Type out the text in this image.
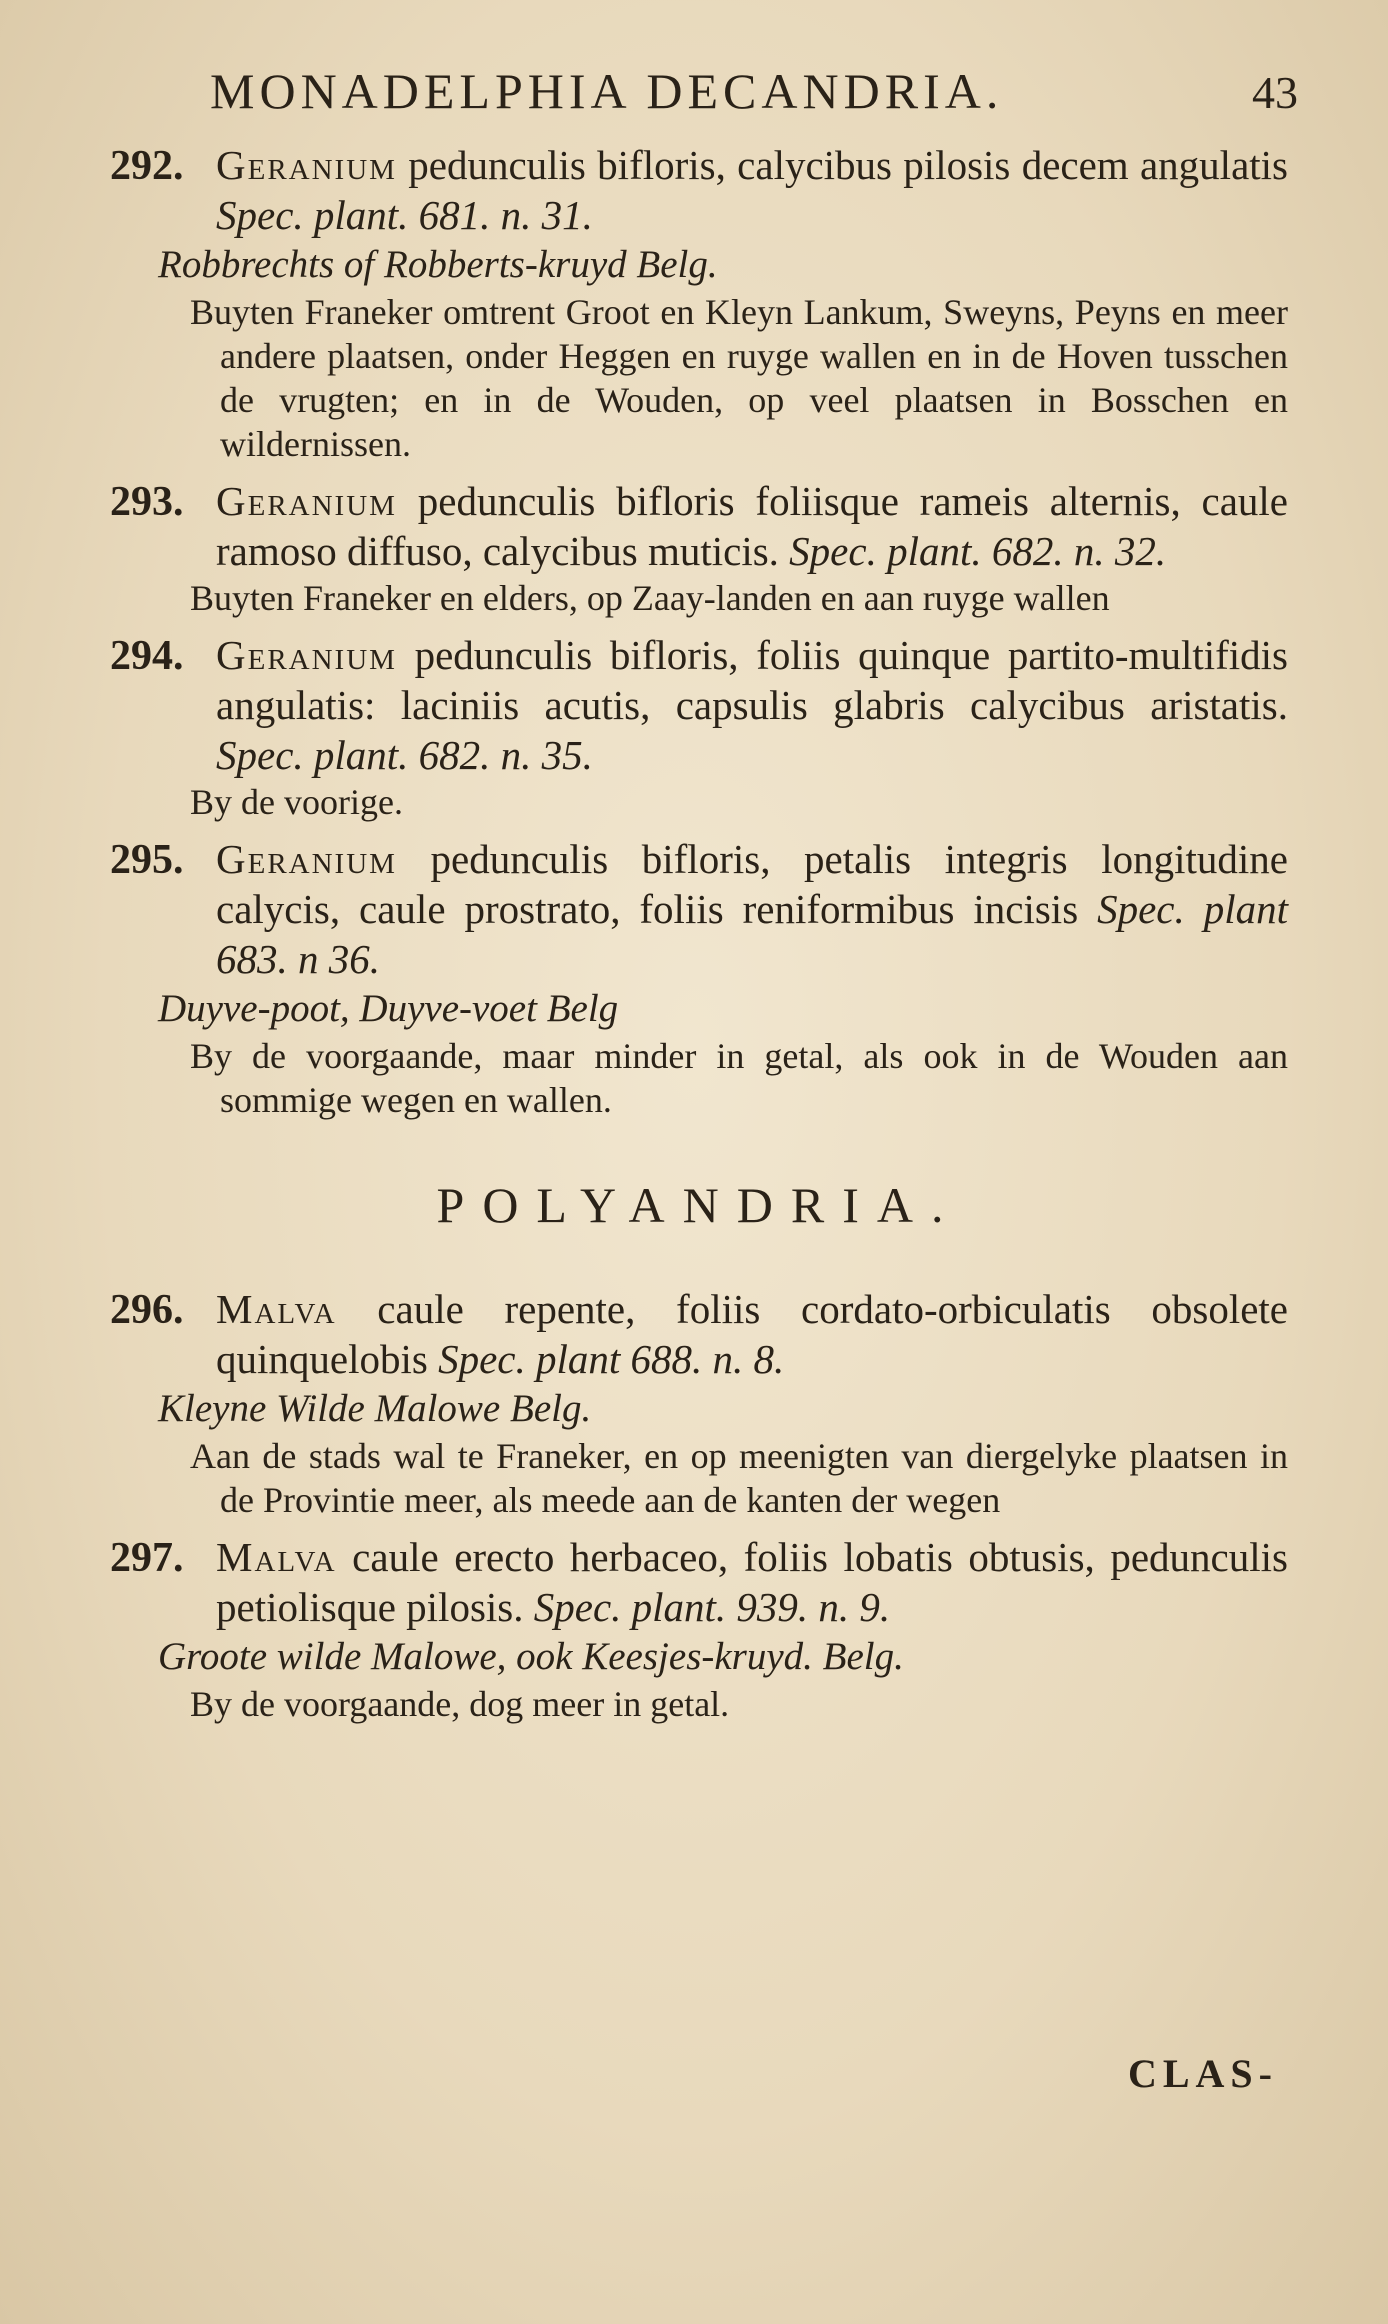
MONADELPHIA DECANDRIA.	43
292. Geranium pedunculis bifloris, calycibus pilosis decem angulatis Spec. plant. 681. n. 31.
Robbrechts of Robberts-kruyd Belg.
Buyten Franeker omtrent Groot en Kleyn Lankum, Sweyns, Peyns en meer andere plaatsen, onder Heggen en ruyge wallen en in de Hoven tusschen de vrugten; en in de Wouden, op veel plaatsen in Bosschen en wildernissen.
293. Geranium pedunculis bifloris foliisque rameis alternis, caule ramoso diffuso, calycibus muticis. Spec. plant. 682. n. 32.
Buyten Franeker en elders, op Zaay-landen en aan ruyge wallen
294. Geranium pedunculis bifloris, foliis quinque partito-multifidis angulatis: laciniis acutis, capsulis glabris calycibus aristatis. Spec. plant. 682. n. 35.
By de voorige.
295. Geranium pedunculis bifloris, petalis integris longitudine calycis, caule prostrato, foliis reniformibus incisis Spec. plant 683. n 36.
Duyve-poot, Duyve-voet Belg
By de voorgaande, maar minder in getal, als ook in de Wouden aan sommige wegen en wallen.
POLYANDRIA.
296. Malva caule repente, foliis cordato-orbiculatis obsolete quinquelobis Spec. plant 688. n. 8.
Kleyne Wilde Malowe Belg.
Aan de stads wal te Franeker, en op meenigten van diergelyke plaatsen in de Provintie meer, als meede aan de kanten der wegen
297. Malva caule erecto herbaceo, foliis lobatis obtusis, pedunculis petiolisque pilosis. Spec. plant. 939. n. 9.
Groote wilde Malowe, ook Keesjes-kruyd. Belg.
By de voorgaande, dog meer in getal.
CLAS-
